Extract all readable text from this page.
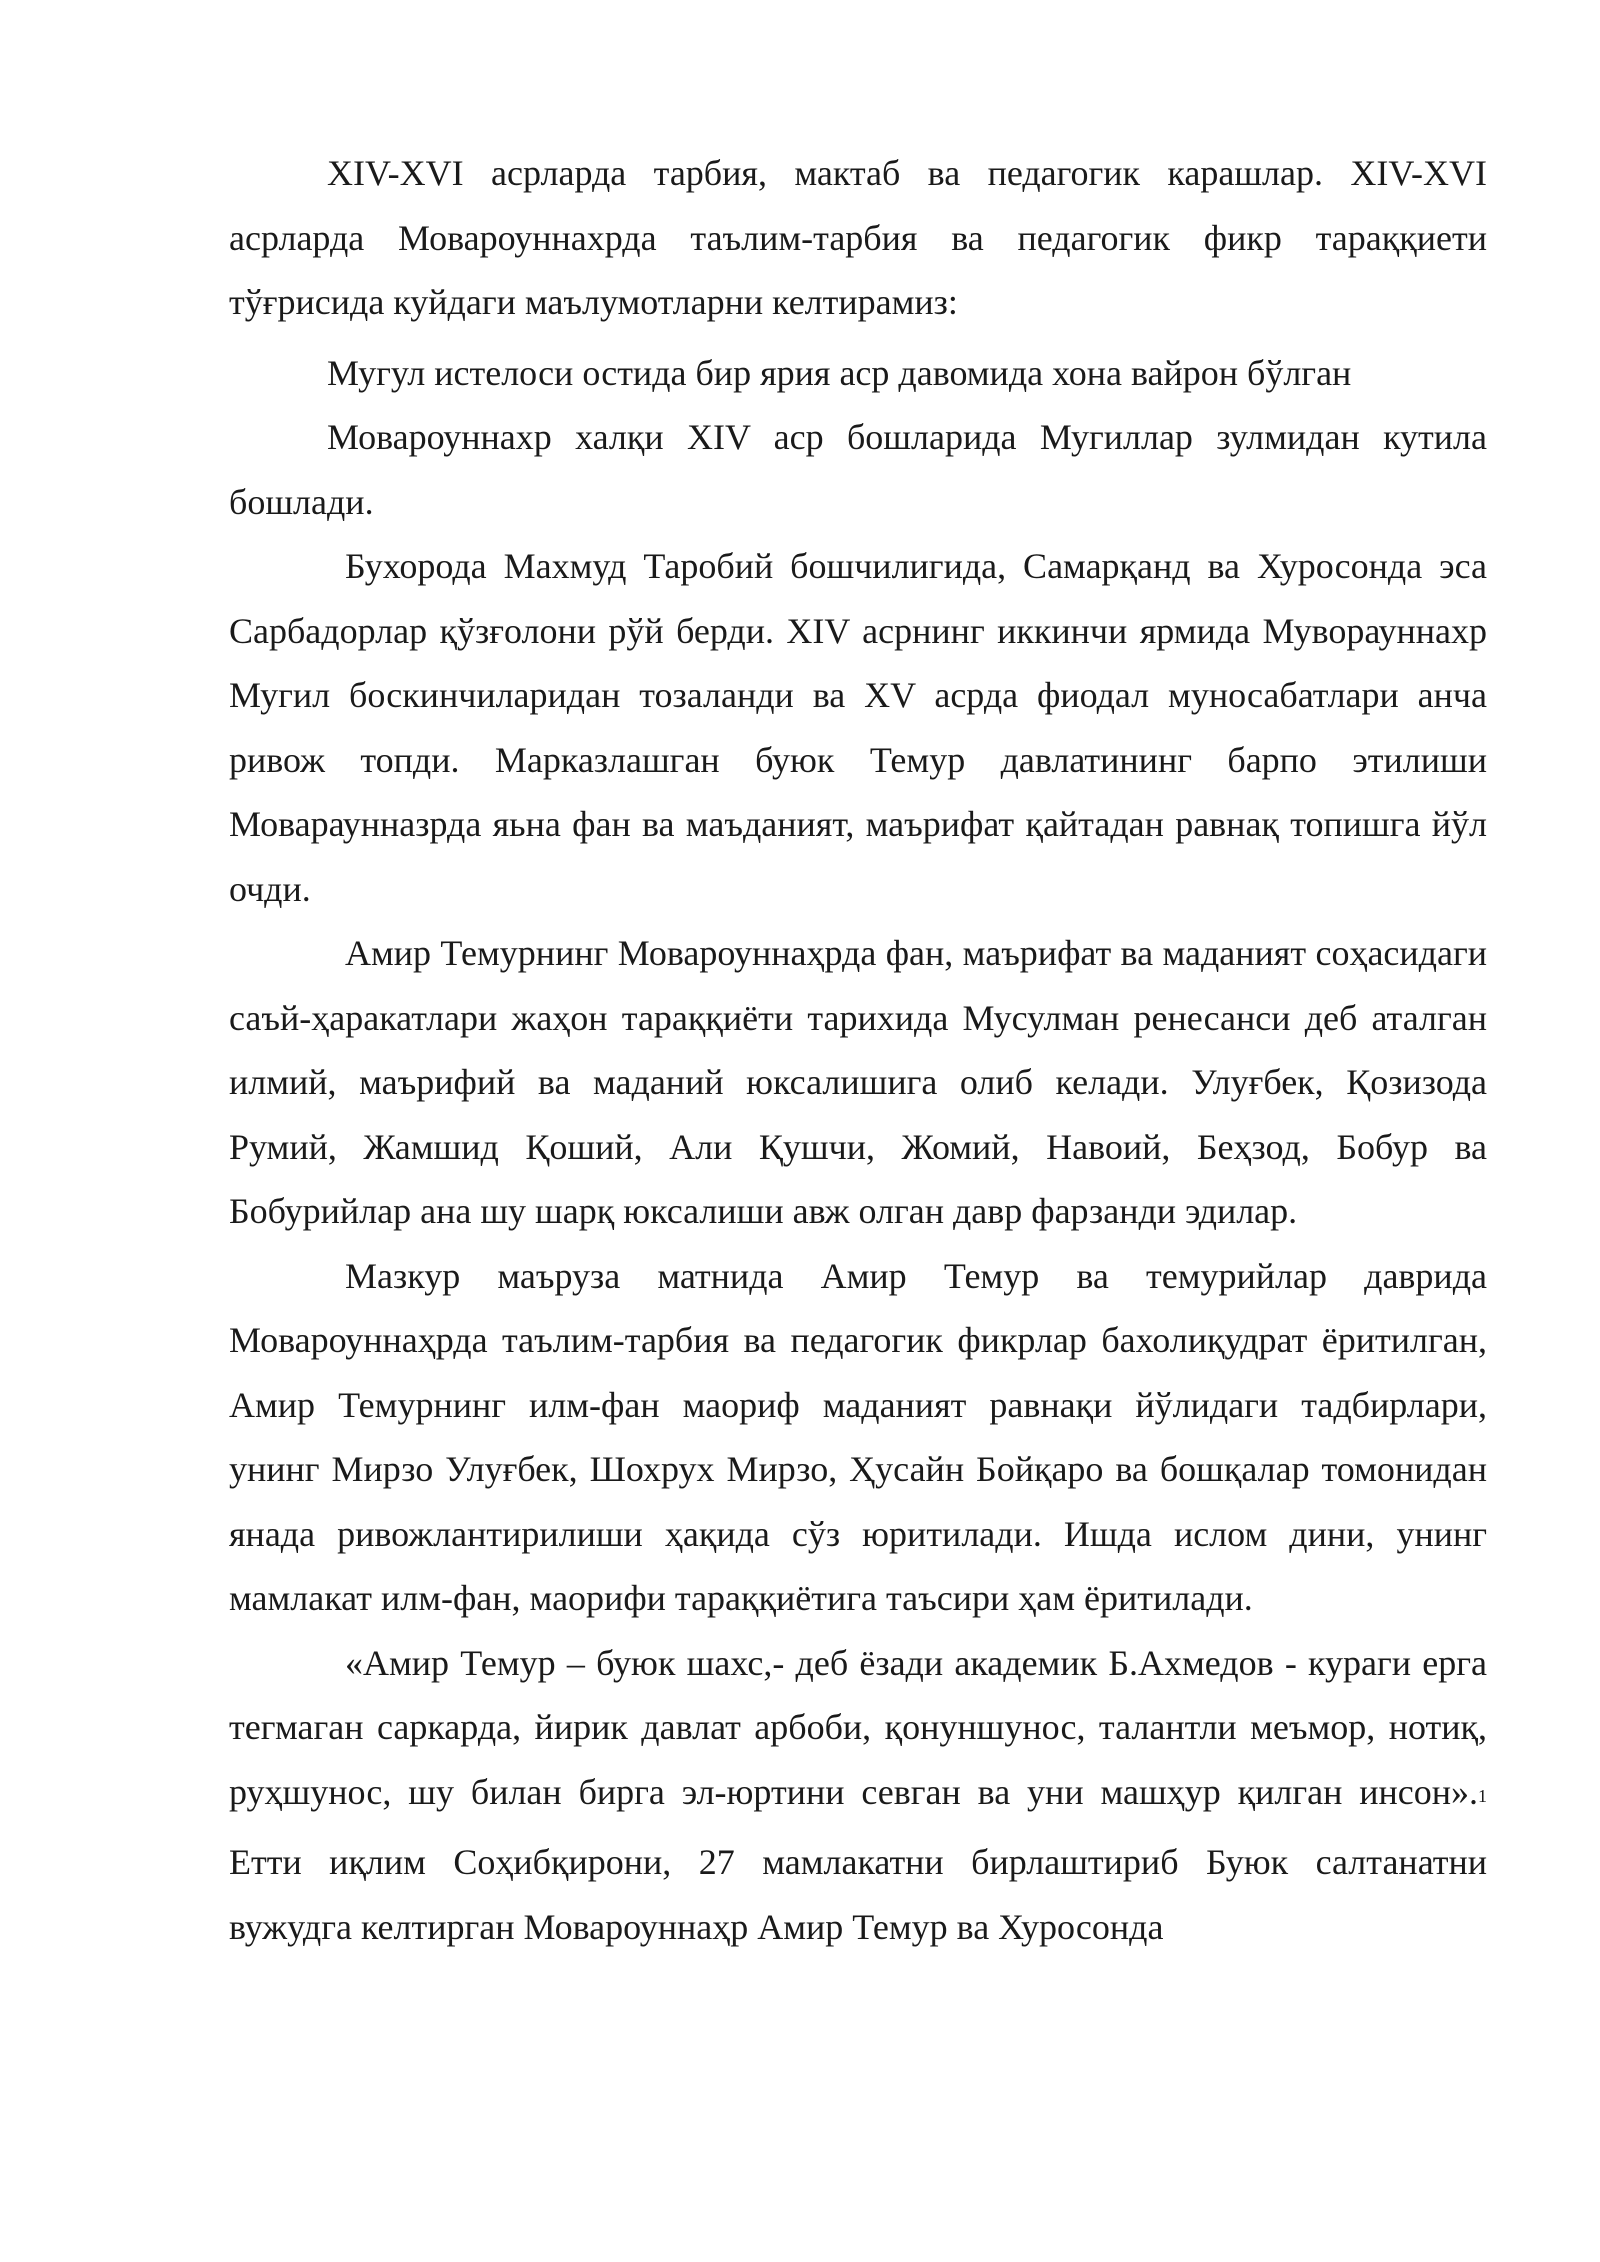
XIV-XVI асрларда тарбия, мактаб ва педагогик карашлар. XIV-XVI асрларда Мовароуннахрда таълим-тарбия ва педагогик фикр тараққиети тўғрисида куйдаги маълумотларни келтирамиз:

Мугул истелоси остида бир ярия аср давомида хона вайрон бўлган

Мовароуннахр халқи XIV аср бошларида Мугиллар зулмидан кутила бошлади.

Бухорода Махмуд Таробий бошчилигида, Самарқанд ва Хуросонда эса Сарбадорлар қўзғолони рўй берди. XIV асрнинг иккинчи ярмида Муворауннахр Мугил боскинчиларидан тозаланди ва XV асрда фиодал муносабатлари анча ривож топди. Марказлашган буюк Темур давлатининг барпо этилиши Мовараунназрда яьна фан ва маъданият, маърифат қайтадан равнақ топишга йўл очди.

Амир Темурнинг Мовароуннаҳрда фан, маърифат ва маданият соҳасидаги саъй-ҳаракатлари жаҳон тараққиёти тарихида Мусулман ренесанси деб аталган илмий, маърифий ва маданий юксалишига олиб келади. Улуғбек, Қозизода Румий, Жамшид Қоший, Али Қушчи, Жомий, Навоий, Беҳзод, Бобур ва Бобурийлар ана шу шарқ юксалиши авж олган давр фарзанди эдилар.

Мазкур маъруза матнида Амир Темур ва темурийлар даврида Мовароуннаҳрда таълим-тарбия ва педагогик фикрлар бахолиқудрат ёритилган, Амир Темурнинг илм-фан маориф маданият равнақи йўлидаги тадбирлари, унинг Мирзо Улуғбек, Шохрух Мирзо, Ҳусайн Бойқаро ва бошқалар томонидан янада ривожлантирилиши ҳақида сўз юритилади. Ишда ислом дини, унинг мамлакат илм-фан, маорифи тараққиётига таъсири ҳам ёритилади.

«Амир Темур – буюк шахс,- деб ёзади академик Б.Ахмедов - кураги ерга тегмаган саркарда, йирик давлат арбоби, қонуншунос, талантли меъмор, нотиқ, руҳшунос, шу билан бирга эл-юртини севган ва уни машҳур қилган инсон».1 Етти иқлим Соҳибқирони, 27 мамлакатни бирлаштириб Буюк салтанатни вужудга келтирган Мовароуннаҳр Амир Темур ва Хуросонда
